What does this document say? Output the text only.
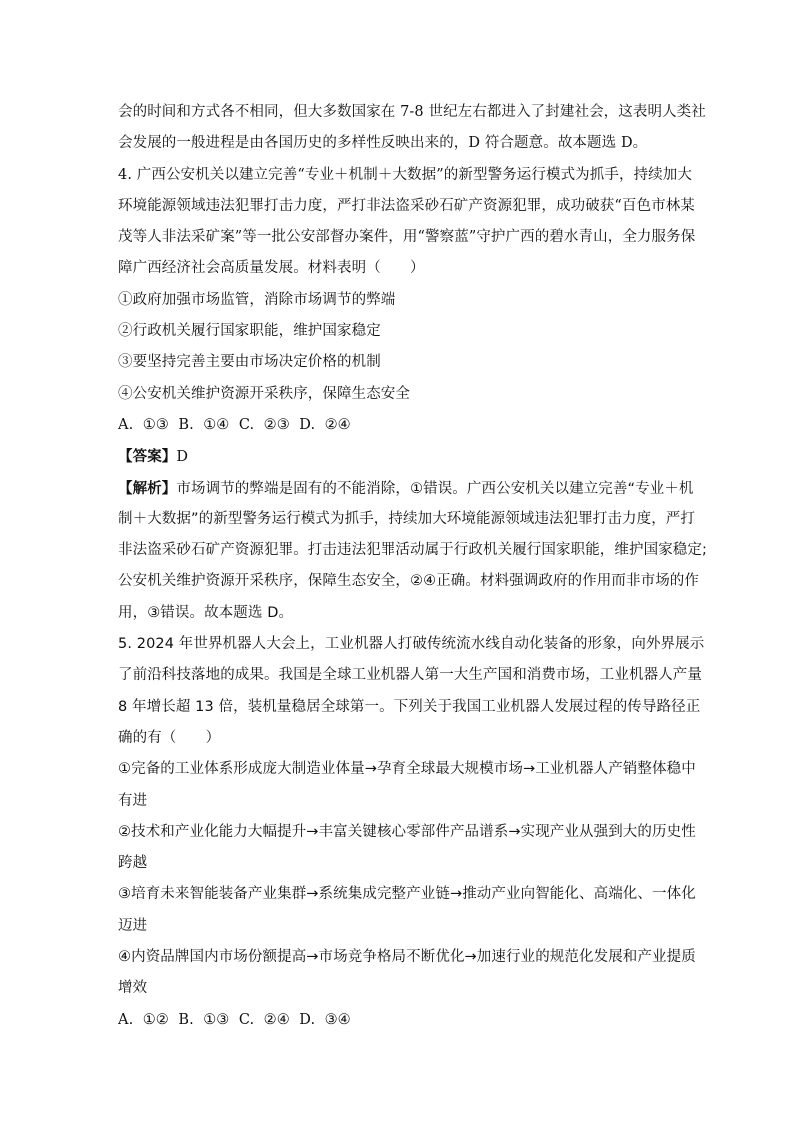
会的时间和方式各不相同，但大多数国家在 7-8 世纪左右都进入了封建社会，这表明人类社
会发展的一般进程是由各国历史的多样性反映出来的，D 符合题意。故本题选 D。
4. 广西公安机关以建立完善“专业＋机制＋大数据”的新型警务运行模式为抓手，持续加大
环境能源领域违法犯罪打击力度，严打非法盗采砂石矿产资源犯罪，成功破获“百色市林某
茂等人非法采矿案”等一批公安部督办案件，用“警察蓝”守护广西的碧水青山，全力服务保
障广西经济社会高质量发展。材料表明（　　）
①政府加强市场监管，消除市场调节的弊端
②行政机关履行国家职能，维护国家稳定
③要坚持完善主要由市场决定价格的机制
④公安机关维护资源开采秩序，保障生态安全
A.  ①③  B.  ①④  C.  ②③  D.  ②④
【答案】D
【解析】市场调节的弊端是固有的不能消除，①错误。广西公安机关以建立完善“专业＋机
制＋大数据”的新型警务运行模式为抓手，持续加大环境能源领域违法犯罪打击力度，严打
非法盗采砂石矿产资源犯罪。打击违法犯罪活动属于行政机关履行国家职能，维护国家稳定;
公安机关维护资源开采秩序，保障生态安全，②④正确。材料强调政府的作用而非市场的作
用，③错误。故本题选 D。
5. 2024 年世界机器人大会上，工业机器人打破传统流水线自动化装备的形象，向外界展示
了前沿科技落地的成果。我国是全球工业机器人第一大生产国和消费市场，工业机器人产量
8 年增长超 13 倍，装机量稳居全球第一。下列关于我国工业机器人发展过程的传导路径正
确的有（　　）
①完备的工业体系形成庞大制造业体量→孕育全球最大规模市场→工业机器人产销整体稳中
有进
②技术和产业化能力大幅提升→丰富关键核心零部件产品谱系→实现产业从强到大的历史性
跨越
③培育未来智能装备产业集群→系统集成完整产业链→推动产业向智能化、高端化、一体化
迈进
④内资品牌国内市场份额提高→市场竞争格局不断优化→加速行业的规范化发展和产业提质
增效
A.  ①②  B.  ①③  C.  ②④  D.  ③④
